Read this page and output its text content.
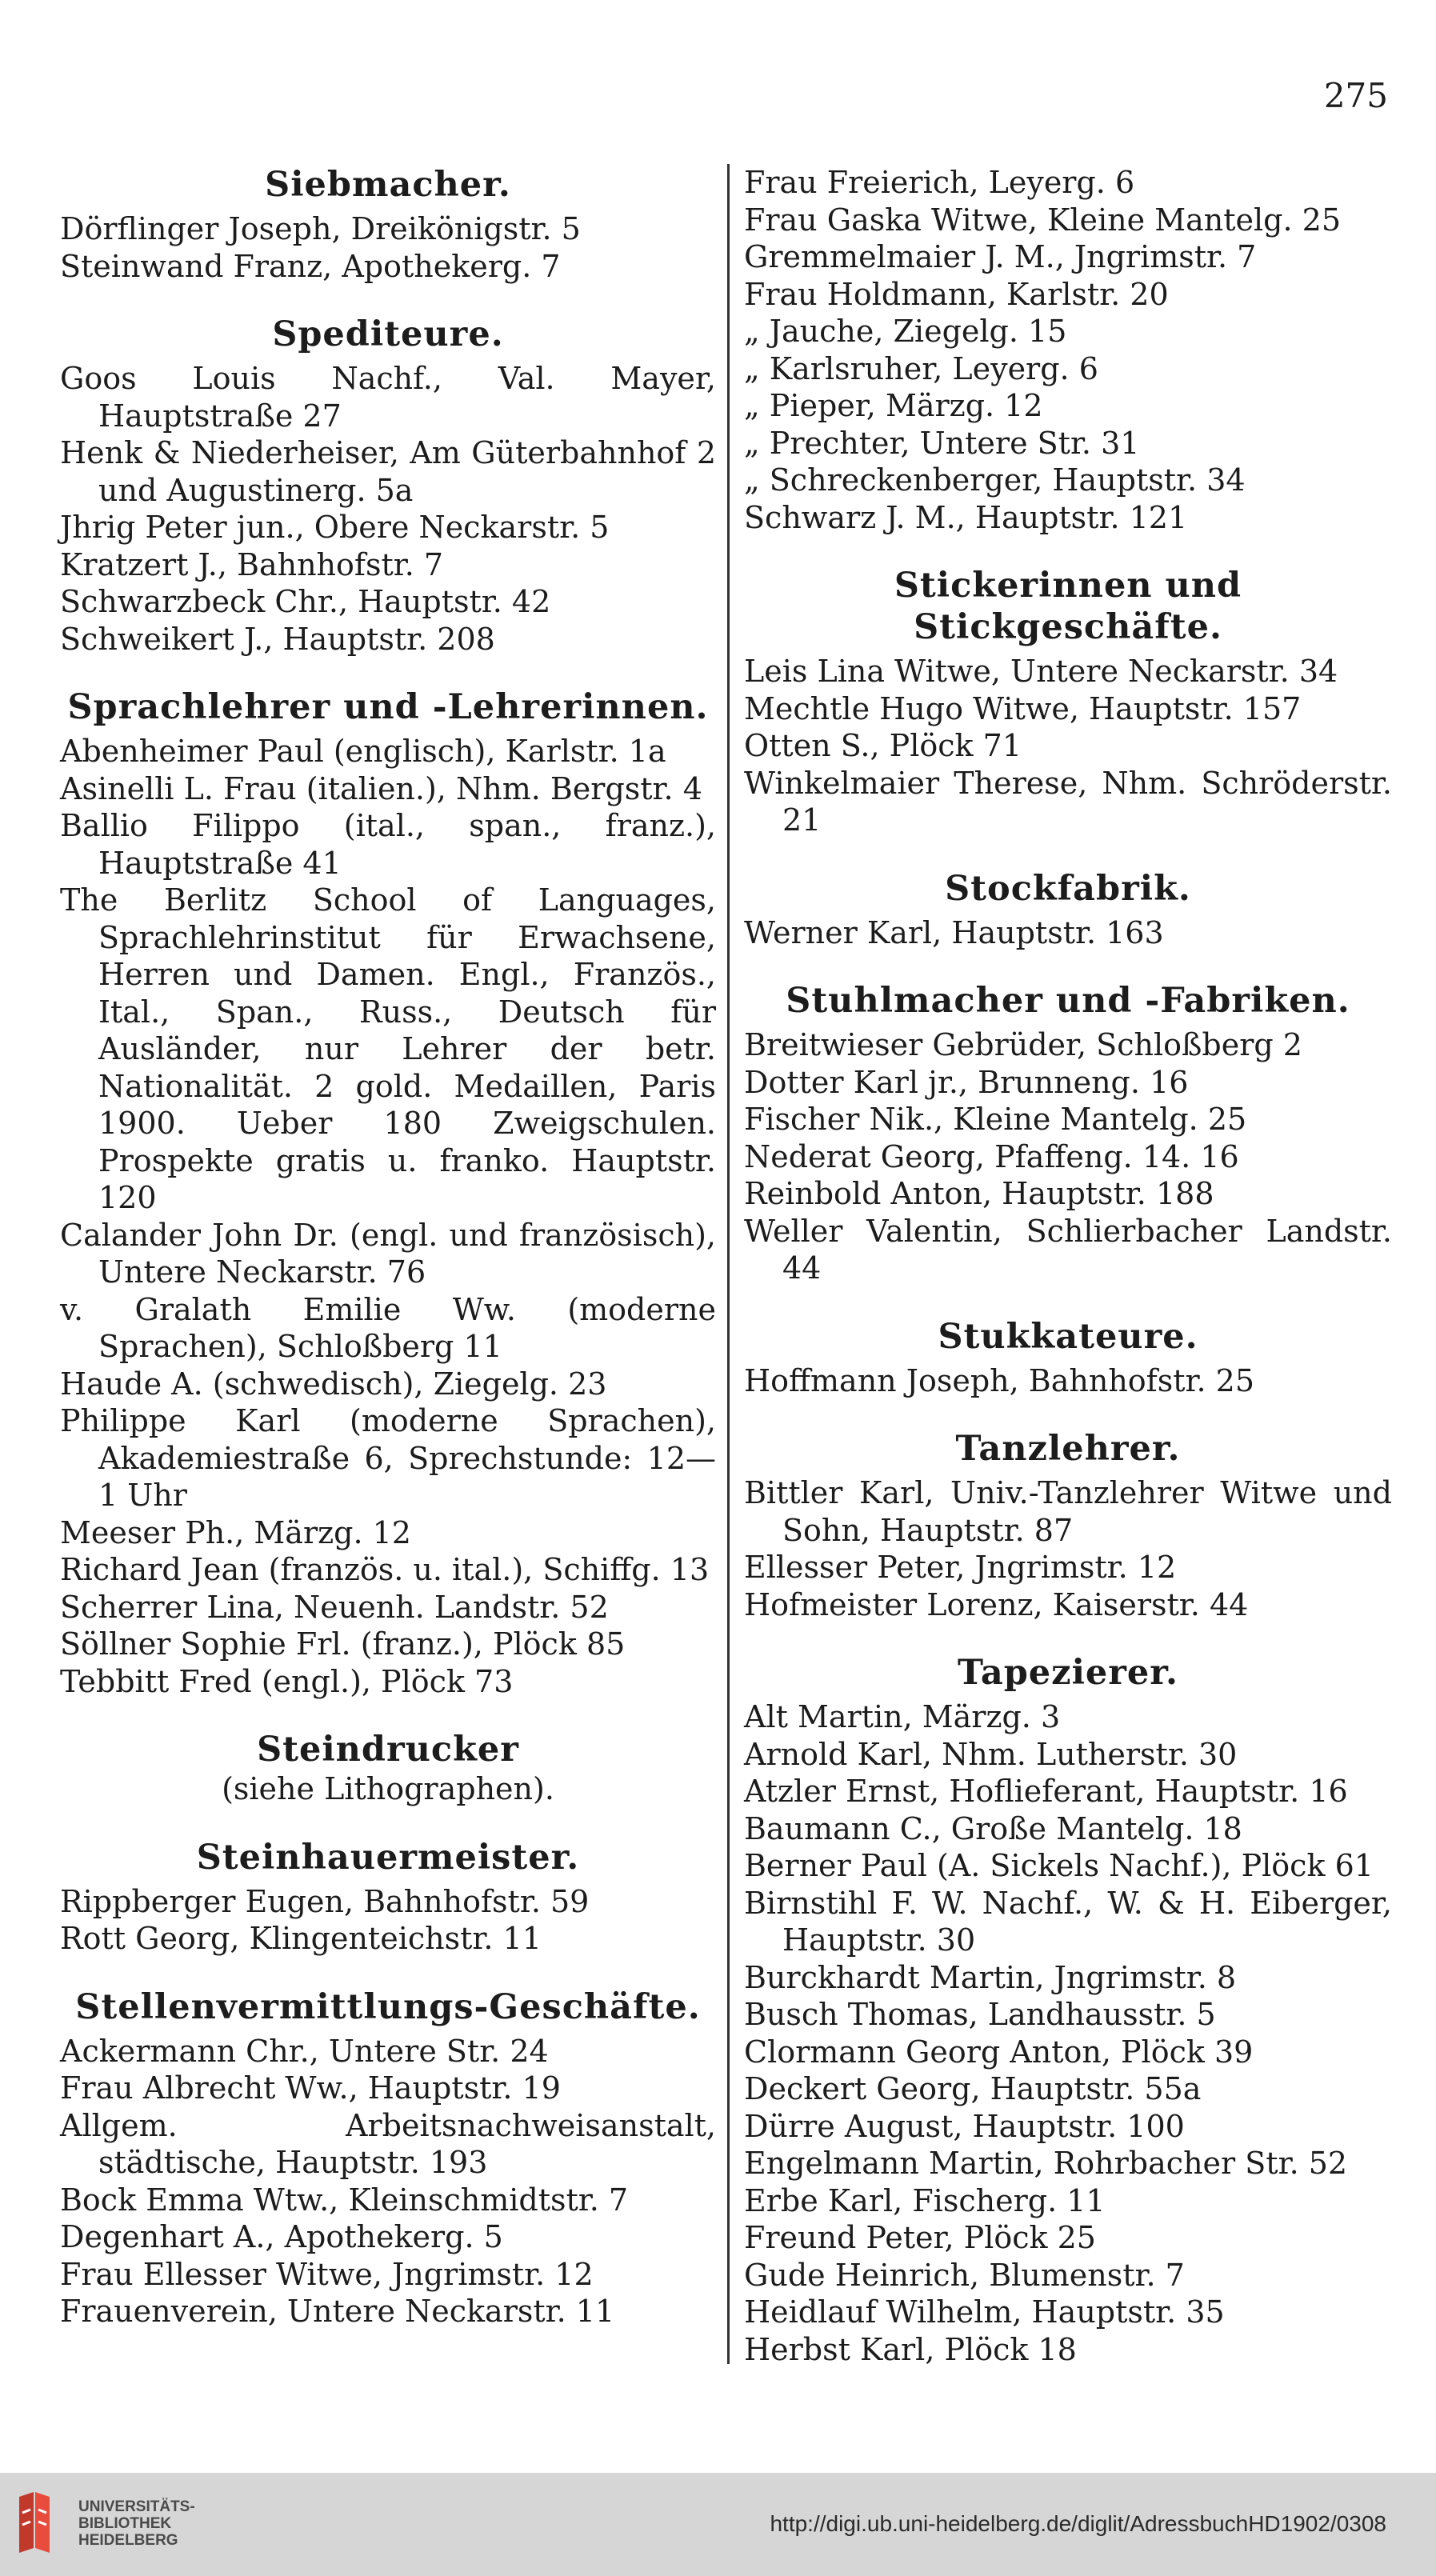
275
Siebmacher.
Dörflinger Joseph, Dreikönigstr. 5
Steinwand Franz, Apothekerg. 7
Spediteure.
Goos Louis Nachf., Val. Mayer, Hauptstraße 27
Henk & Niederheiser, Am Güterbahnhof 2 und Augustinerg. 5a
Jhrig Peter jun., Obere Neckarstr. 5
Kratzert J., Bahnhofstr. 7
Schwarzbeck Chr., Hauptstr. 42
Schweikert J., Hauptstr. 208
Sprachlehrer und -Lehrerinnen.
Abenheimer Paul (englisch), Karlstr. 1a
Asinelli L. Frau (italien.), Nhm. Bergstr. 4
Ballio Filippo (ital., span., franz.), Hauptstraße 41
The Berlitz School of Languages, Sprachlehrinstitut für Erwachsene, Herren und Damen. Engl., Französ., Ital., Span., Russ., Deutsch für Ausländer, nur Lehrer der betr. Nationalität. 2 gold. Medaillen, Paris 1900. Ueber 180 Zweigschulen. Prospekte gratis u. franko. Hauptstr. 120
Calander John Dr. (engl. und französisch), Untere Neckarstr. 76
v. Gralath Emilie Ww. (moderne Sprachen), Schloßberg 11
Haude A. (schwedisch), Ziegelg. 23
Philippe Karl (moderne Sprachen), Akademiestraße 6, Sprechstunde: 12—1 Uhr
Meeser Ph., Märzg. 12
Richard Jean (französ. u. ital.), Schiffg. 13
Scherrer Lina, Neuenh. Landstr. 52
Söllner Sophie Frl. (franz.), Plöck 85
Tebbitt Fred (engl.), Plöck 73
Steindrucker
(siehe Lithographen).
Steinhauermeister.
Rippberger Eugen, Bahnhofstr. 59
Rott Georg, Klingenteichstr. 11
Stellenvermittlungs-Geschäfte.
Ackermann Chr., Untere Str. 24
Frau Albrecht Ww., Hauptstr. 19
Allgem. Arbeitsnachweisanstalt, städtische, Hauptstr. 193
Bock Emma Wtw., Kleinschmidtstr. 7
Degenhart A., Apothekerg. 5
Frau Ellesser Witwe, Jngrimstr. 12
Frauenverein, Untere Neckarstr. 11
Frau Freierich, Leyerg. 6
Frau Gaska Witwe, Kleine Mantelg. 25
Gremmelmaier J. M., Jngrimstr. 7
Frau Holdmann, Karlstr. 20
„ Jauche, Ziegelg. 15
„ Karlsruher, Leyerg. 6
„ Pieper, Märzg. 12
„ Prechter, Untere Str. 31
„ Schreckenberger, Hauptstr. 34
Schwarz J. M., Hauptstr. 121
Stickerinnen und Stickgeschäfte.
Leis Lina Witwe, Untere Neckarstr. 34
Mechtle Hugo Witwe, Hauptstr. 157
Otten S., Plöck 71
Winkelmaier Therese, Nhm. Schröderstr. 21
Stockfabrik.
Werner Karl, Hauptstr. 163
Stuhlmacher und -Fabriken.
Breitwieser Gebrüder, Schloßberg 2
Dotter Karl jr., Brunneng. 16
Fischer Nik., Kleine Mantelg. 25
Nederat Georg, Pfaffeng. 14. 16
Reinbold Anton, Hauptstr. 188
Weller Valentin, Schlierbacher Landstr. 44
Stukkateure.
Hoffmann Joseph, Bahnhofstr. 25
Tanzlehrer.
Bittler Karl, Univ.-Tanzlehrer Witwe und Sohn, Hauptstr. 87
Ellesser Peter, Jngrimstr. 12
Hofmeister Lorenz, Kaiserstr. 44
Tapezierer.
Alt Martin, Märzg. 3
Arnold Karl, Nhm. Lutherstr. 30
Atzler Ernst, Hoflieferant, Hauptstr. 16
Baumann C., Große Mantelg. 18
Berner Paul (A. Sickels Nachf.), Plöck 61
Birnstihl F. W. Nachf., W. & H. Eiberger, Hauptstr. 30
Burckhardt Martin, Jngrimstr. 8
Busch Thomas, Landhausstr. 5
Clormann Georg Anton, Plöck 39
Deckert Georg, Hauptstr. 55a
Dürre August, Hauptstr. 100
Engelmann Martin, Rohrbacher Str. 52
Erbe Karl, Fischerg. 11
Freund Peter, Plöck 25
Gude Heinrich, Blumenstr. 7
Heidlauf Wilhelm, Hauptstr. 35
Herbst Karl, Plöck 18
UNIVERSITÄTS-
BIBLIOTHEK
HEIDELBERG
http://digi.ub.uni-heidelberg.de/diglit/AdressbuchHD1902/0308
